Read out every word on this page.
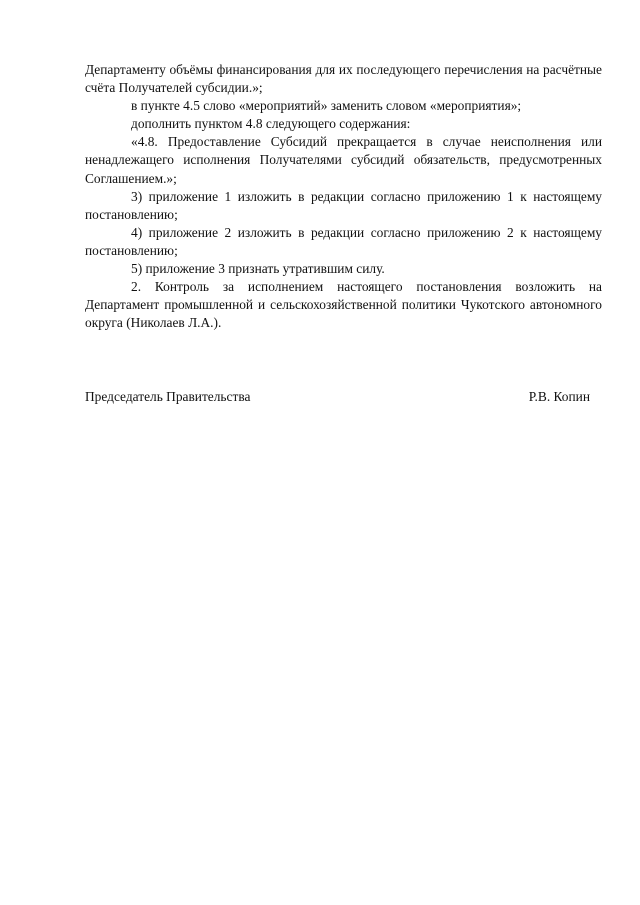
Департаменту объёмы финансирования для их последующего перечисления на расчётные счёта Получателей субсидии.»;

в пункте 4.5 слово «мероприятий» заменить словом «мероприятия»;

дополнить пунктом 4.8 следующего содержания:

«4.8. Предоставление Субсидий прекращается в случае неисполнения или ненадлежащего исполнения Получателями субсидий обязательств, предусмотренных Соглашением.»;

3) приложение 1 изложить в редакции согласно приложению 1 к настоящему постановлению;

4) приложение 2 изложить в редакции согласно приложению 2 к настоящему постановлению;

5) приложение 3 признать утратившим силу.

2. Контроль за исполнением настоящего постановления возложить на Департамент промышленной и сельскохозяйственной политики Чукотского автономного округа (Николаев Л.А.).

Председатель Правительства	Р.В. Копин
